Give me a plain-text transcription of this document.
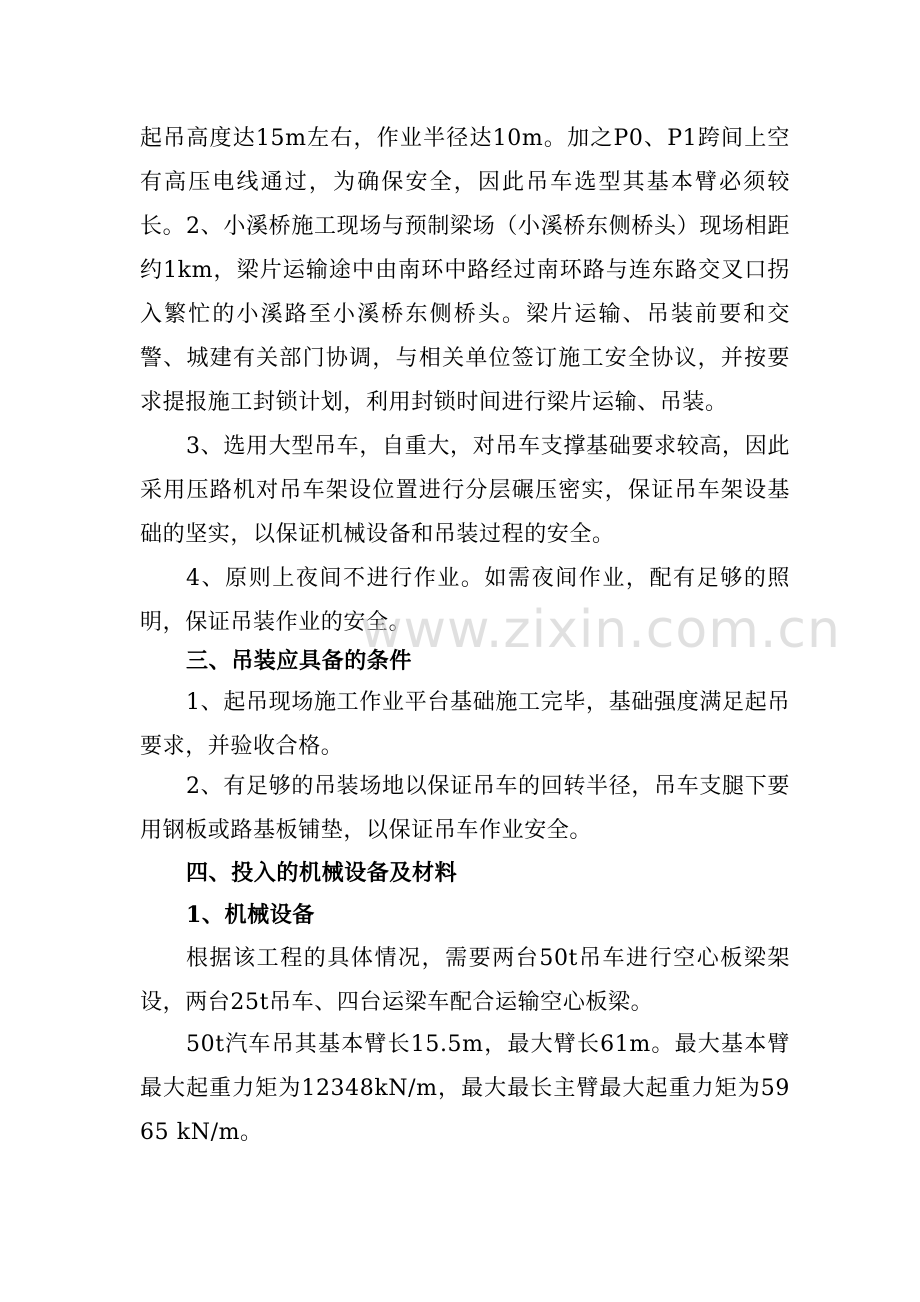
起吊高度达15m左右，作业半径达10m。加之P0、P1跨间上空有高压电线通过，为确保安全，因此吊车选型其基本臂必须较长。 2、小溪桥施工现场与预制梁场（小溪桥东侧桥头）现场相距约1km，梁片运输途中由南环中路经过南环路与连东路交叉口拐入繁忙的小溪路至小溪桥东侧桥头。梁片运输、吊装前要和交警、城建有关部门协调，与相关单位签订施工安全协议，并按要求提报施工封锁计划，利用封锁时间进行梁片运输、吊装。

3、选用大型吊车，自重大，对吊车支撑基础要求较高，因此采用压路机对吊车架设位置进行分层碾压密实，保证吊车架设基础的坚实，以保证机械设备和吊装过程的安全。

4、原则上夜间不进行作业。如需夜间作业，配有足够的照明，保证吊装作业的安全。

三、吊装应具备的条件

1、起吊现场施工作业平台基础施工完毕，基础强度满足起吊要求，并验收合格。

2、有足够的吊装场地以保证吊车的回转半径，吊车支腿下要用钢板或路基板铺垫，以保证吊车作业安全。

四、投入的机械设备及材料
1、机械设备

根据该工程的具体情况，需要两台50t吊车进行空心板梁架设，两台25t吊车、四台运梁车配合运输空心板梁。

50t汽车吊其基本臂长15.5m，最大臂长61m。最大基本臂最大起重力矩为12348kN/m，最大最长主臂最大起重力矩为5965 kN/m。

www.zixin.com.cn
